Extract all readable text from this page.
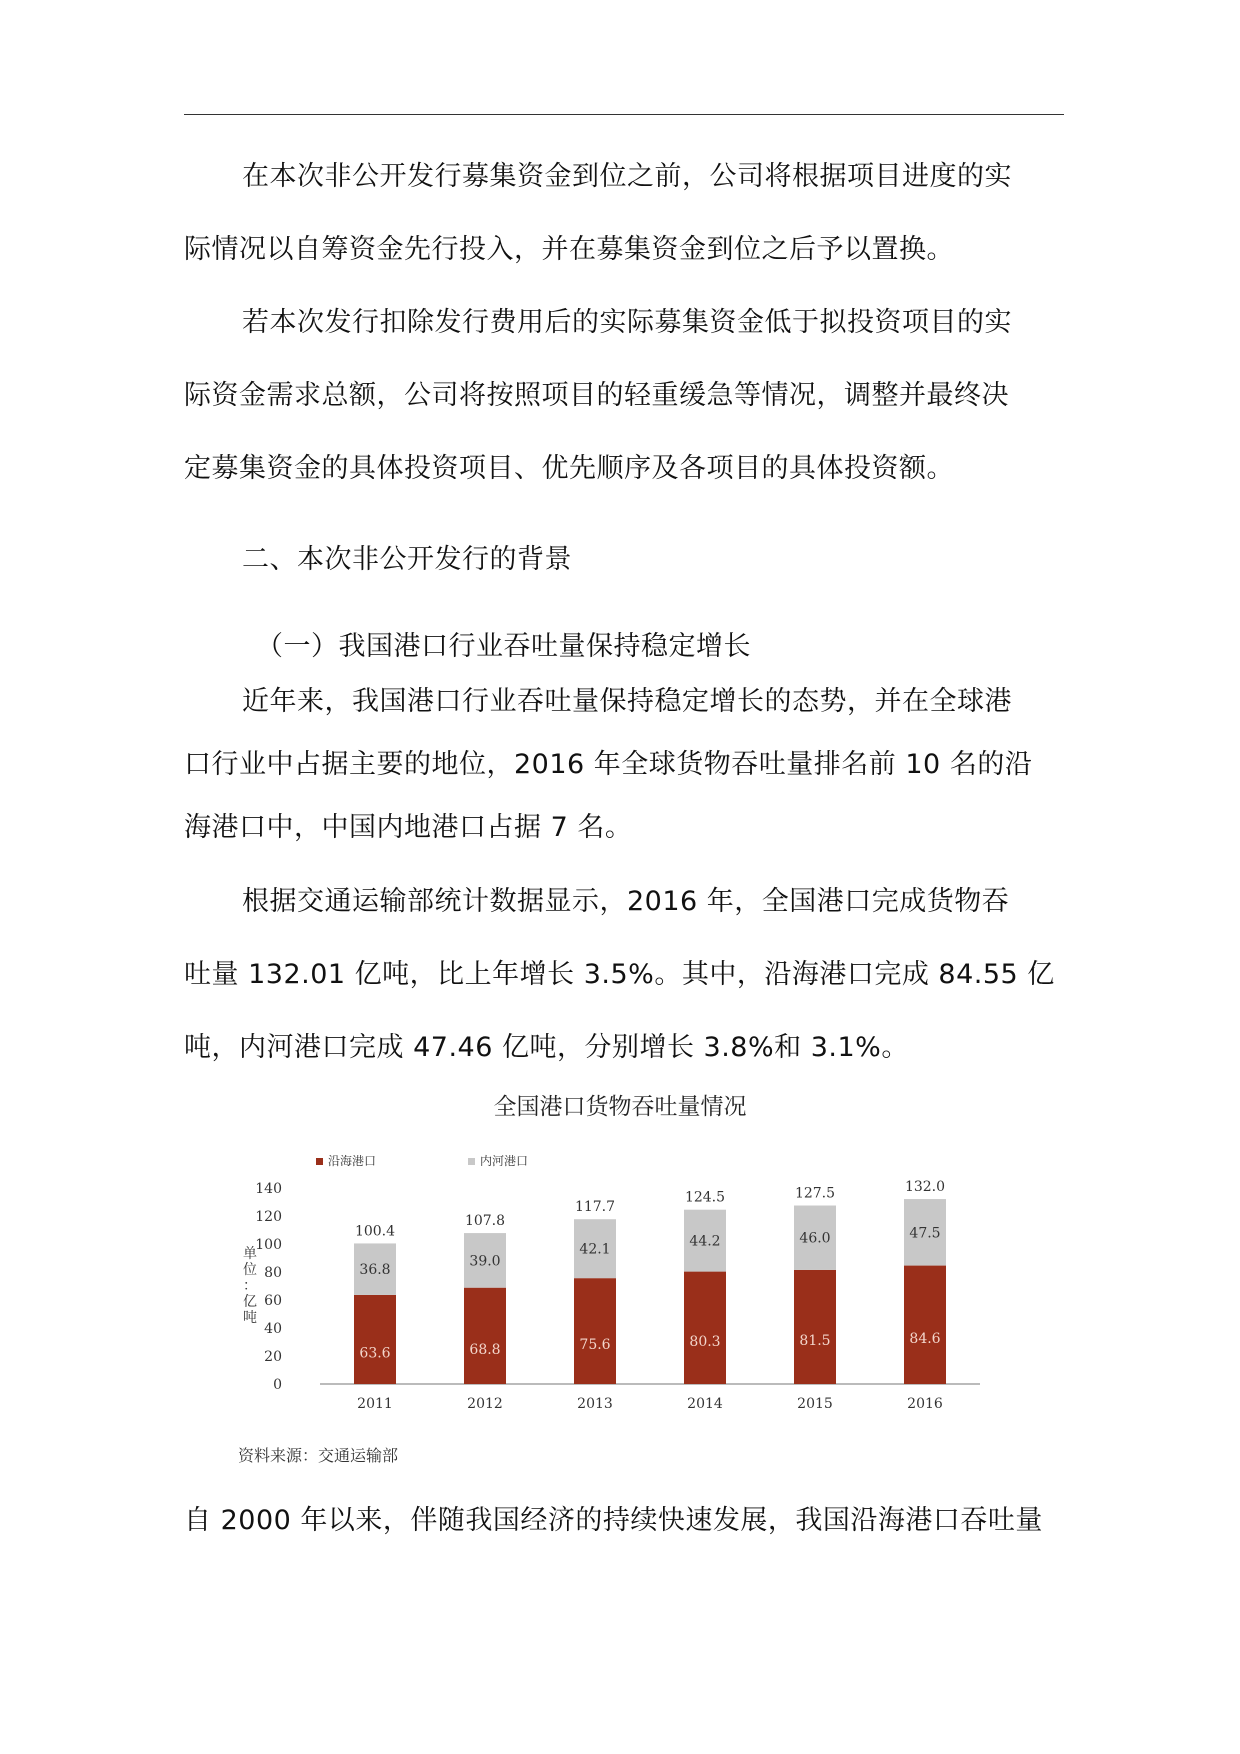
在本次非公开发行募集资金到位之前，公司将根据项目进度的实
际情况以自筹资金先行投入，并在募集资金到位之后予以置换。
若本次发行扣除发行费用后的实际募集资金低于拟投资项目的实
际资金需求总额，公司将按照项目的轻重缓急等情况，调整并最终决
定募集资金的具体投资项目、优先顺序及各项目的具体投资额。
二、本次非公开发行的背景
（一）我国港口行业吞吐量保持稳定增长
近年来，我国港口行业吞吐量保持稳定增长的态势，并在全球港
口行业中占据主要的地位，2016 年全球货物吞吐量排名前 10 名的沿
海港口中，中国内地港口占据 7 名。
根据交通运输部统计数据显示，2016 年，全国港口完成货物吞
吐量 132.01 亿吨，比上年增长 3.5%。其中，沿海港口完成 84.55 亿
吨，内河港口完成 47.46 亿吨，分别增长 3.8%和 3.1%。
全国港口货物吞吐量情况
沿海港口	内河港口
0
20
40
60
80
100
120
140
单位：亿吨
63.6
36.8
100.4
2011
68.8
39.0
107.8
2012
75.6
42.1
117.7
2013
80.3
44.2
124.5
2014
81.5
46.0
127.5
2015
84.6
47.5
132.0
2016
资料来源：交通运输部
自 2000 年以来，伴随我国经济的持续快速发展，我国沿海港口吞吐量
